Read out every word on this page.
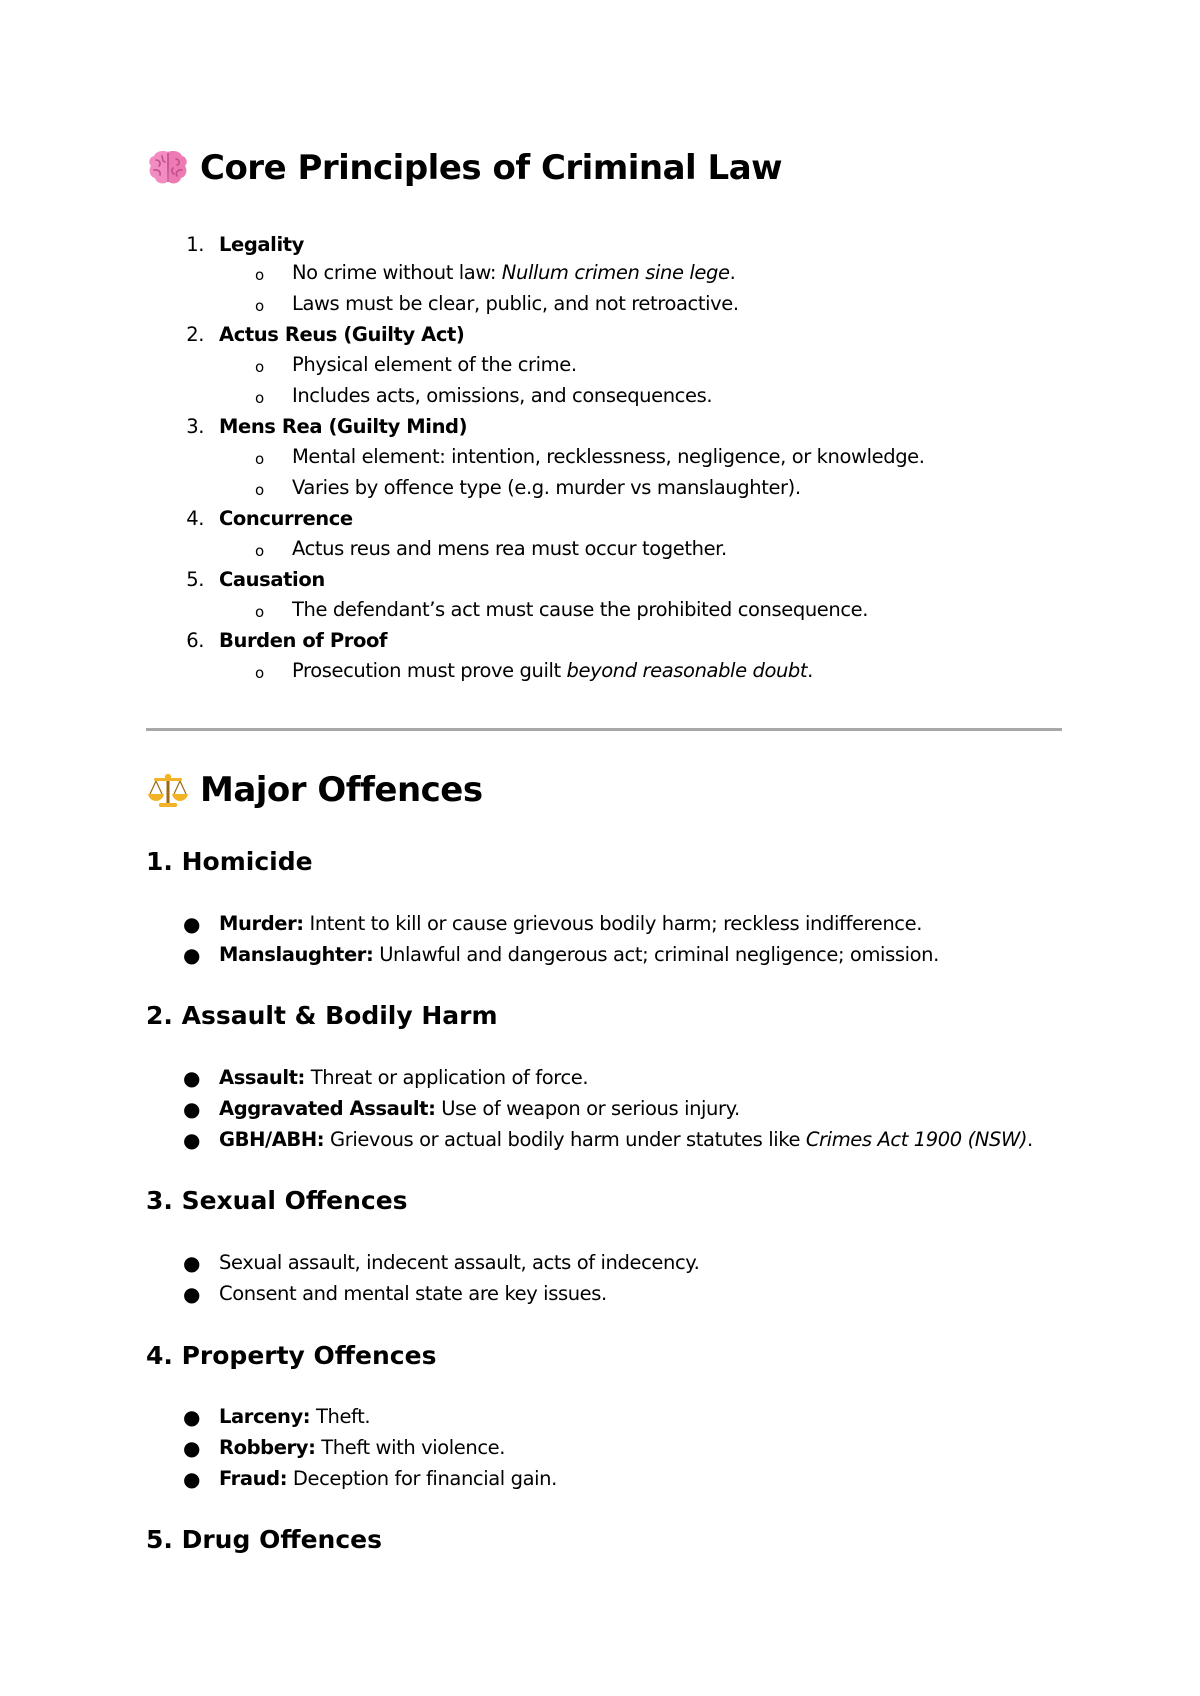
Core Principles of Criminal Law
1. Legality
o No crime without law: Nullum crimen sine lege.
o Laws must be clear, public, and not retroactive.
2. Actus Reus (Guilty Act)
o Physical element of the crime.
o Includes acts, omissions, and consequences.
3. Mens Rea (Guilty Mind)
o Mental element: intention, recklessness, negligence, or knowledge.
o Varies by offence type (e.g. murder vs manslaughter).
4. Concurrence
o Actus reus and mens rea must occur together.
5. Causation
o The defendant’s act must cause the prohibited consequence.
6. Burden of Proof
o Prosecution must prove guilt beyond reasonable doubt.
Major Offences
1. Homicide
● Murder: Intent to kill or cause grievous bodily harm; reckless indifference.
● Manslaughter: Unlawful and dangerous act; criminal negligence; omission.
2. Assault & Bodily Harm
● Assault: Threat or application of force.
● Aggravated Assault: Use of weapon or serious injury.
● GBH/ABH: Grievous or actual bodily harm under statutes like Crimes Act 1900 (NSW).
3. Sexual Offences
● Sexual assault, indecent assault, acts of indecency.
● Consent and mental state are key issues.
4. Property Offences
● Larceny: Theft.
● Robbery: Theft with violence.
● Fraud: Deception for financial gain.
5. Drug Offences
